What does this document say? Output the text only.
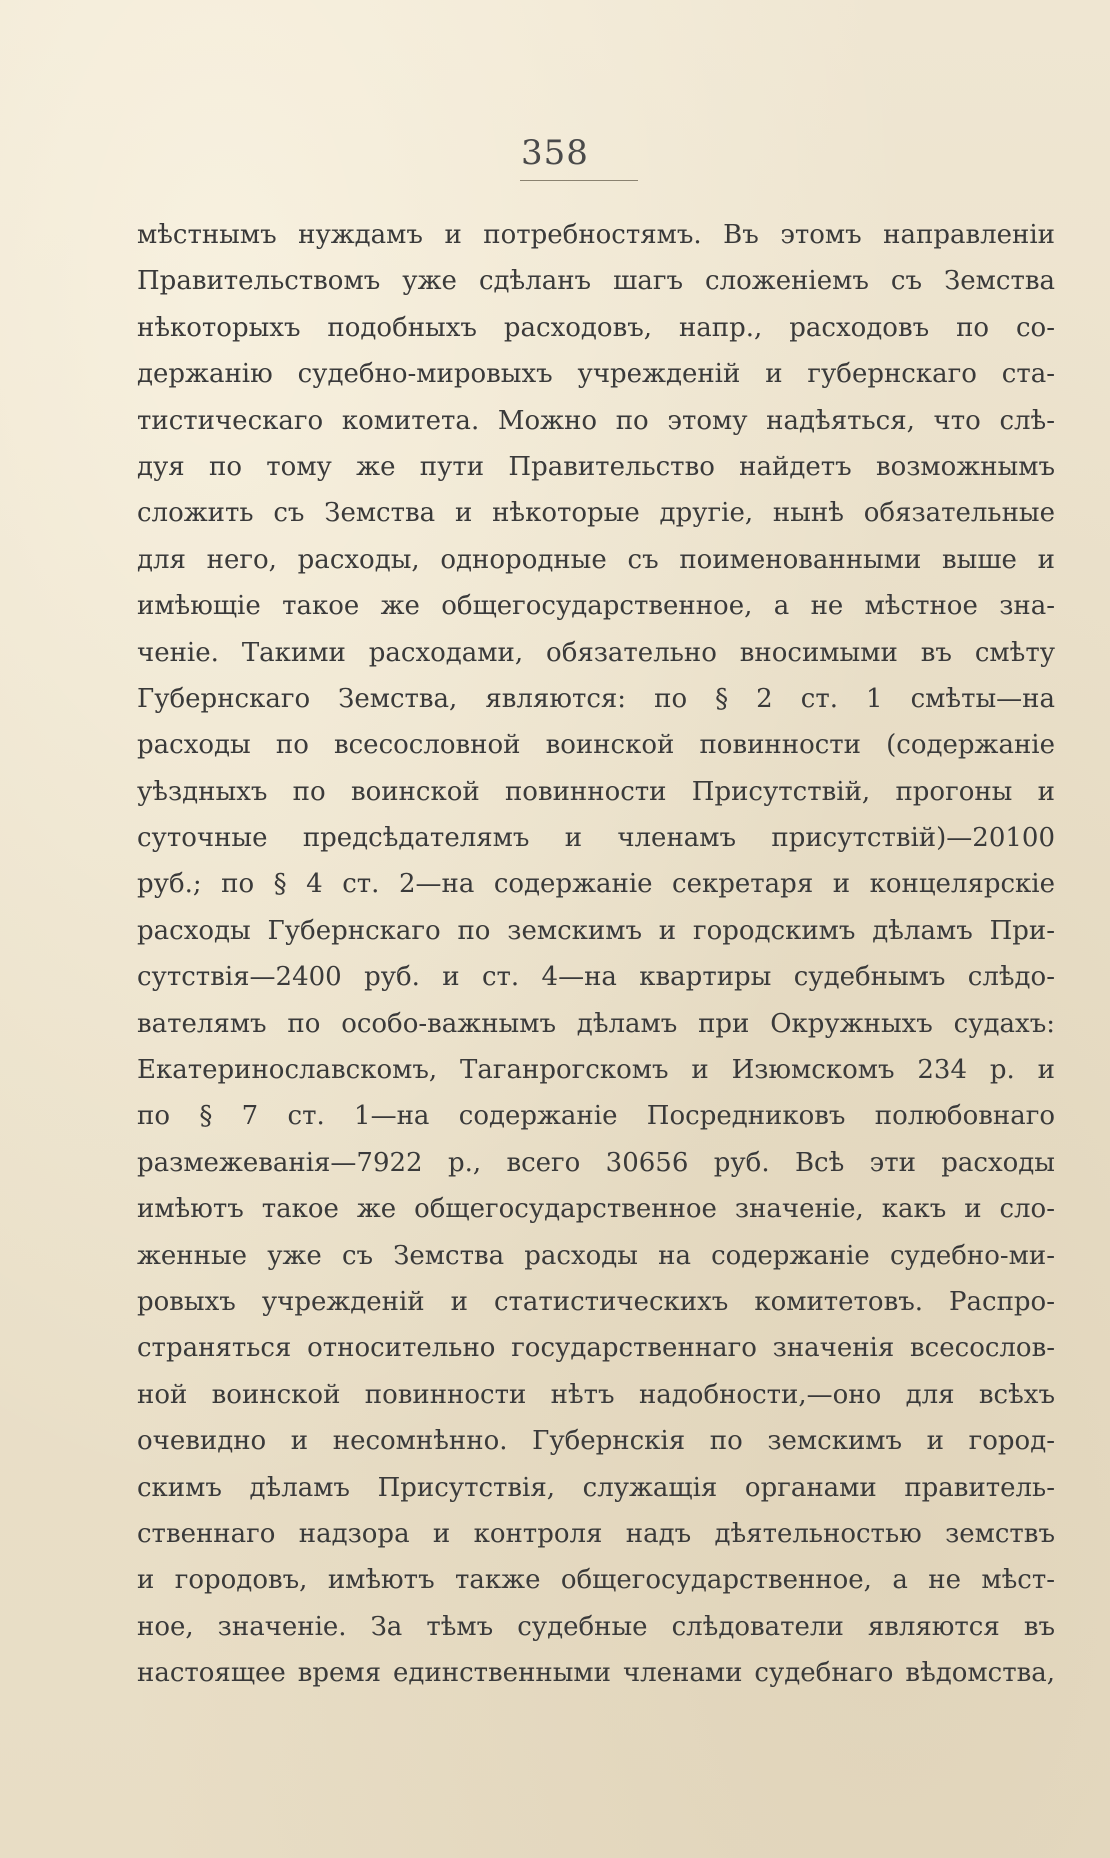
358
мѣстнымъ нуждамъ и потребностямъ. Въ этомъ направленіи
Правительствомъ уже сдѣланъ шагъ сложеніемъ съ Земства
нѣкоторыхъ подобныхъ расходовъ, напр., расходовъ по со-
держанію судебно-мировыхъ учрежденій и губернскаго ста-
тистическаго комитета. Можно по этому надѣяться, что слѣ-
дуя по тому же пути Правительство найдетъ возможнымъ
сложить съ Земства и нѣкоторые другіе, нынѣ обязательные
для него, расходы, однородные съ поименованными выше и
имѣющіе такое же общегосударственное, а не мѣстное зна-
ченіе. Такими расходами, обязательно вносимыми въ смѣту
Губернскаго Земства, являются: по § 2 ст. 1 смѣты—на
расходы по всесословной воинской повинности (содержаніе
уѣздныхъ по воинской повинности Присутствій, прогоны и
суточные предсѣдателямъ и членамъ присутствій)—20100
руб.; по § 4 ст. 2—на содержаніе секретаря и концелярскіе
расходы Губернскаго по земскимъ и городскимъ дѣламъ При-
сутствія—2400 руб. и ст. 4—на квартиры судебнымъ слѣдо-
вателямъ по особо-важнымъ дѣламъ при Окружныхъ судахъ:
Екатеринославскомъ, Таганрогскомъ и Изюмскомъ 234 р. и
по § 7 ст. 1—на содержаніе Посредниковъ полюбовнаго
размежеванія—7922 р., всего 30656 руб. Всѣ эти расходы
имѣютъ такое же общегосударственное значеніе, какъ и сло-
женные уже съ Земства расходы на содержаніе судебно-ми-
ровыхъ учрежденій и статистическихъ комитетовъ. Распро-
страняться относительно государственнаго значенія всесослов-
ной воинской повинности нѣтъ надобности,—оно для всѣхъ
очевидно и несомнѣнно. Губернскія по земскимъ и город-
скимъ дѣламъ Присутствія, служащія органами правитель-
ственнаго надзора и контроля надъ дѣятельностью земствъ
и городовъ, имѣютъ также общегосударственное, а не мѣст-
ное, значеніе. За тѣмъ судебные слѣдователи являются въ
настоящее время единственными членами судебнаго вѣдомства,
